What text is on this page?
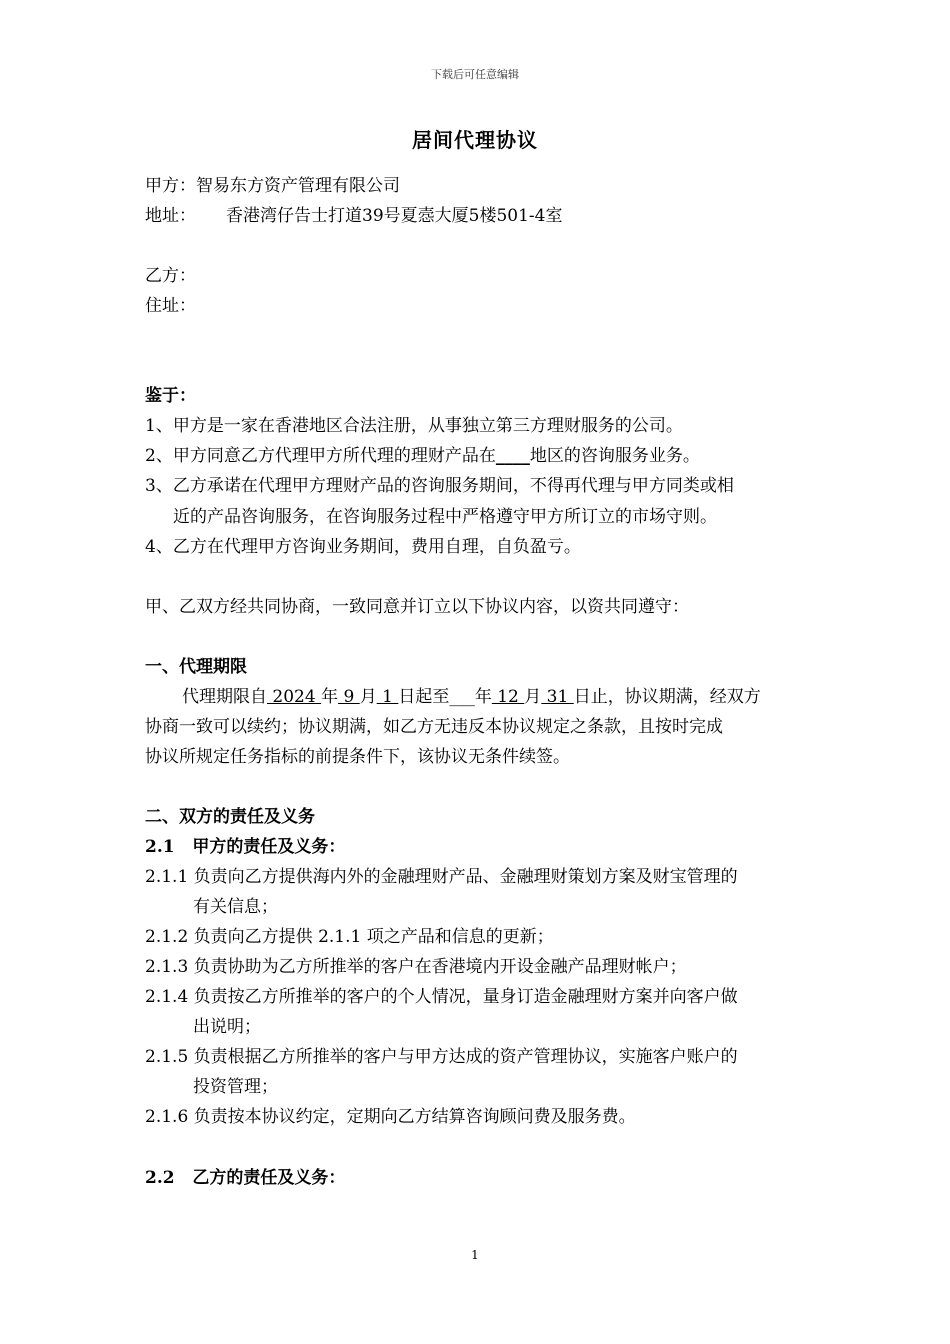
下载后可任意编辑
居间代理协议
甲方：智易东方资产管理有限公司
地址： 香港湾仔告士打道39号夏悫大厦5楼501-4室
乙方：
住址：
鉴于：
1、甲方是一家在香港地区合法注册，从事独立第三方理财服务的公司。
2、甲方同意乙方代理甲方所代理的理财产品在____地区的咨询服务业务。
3、乙方承诺在代理甲方理财产品的咨询服务期间，不得再代理与甲方同类或相
近的产品咨询服务，在咨询服务过程中严格遵守甲方所订立的市场守则。
4、乙方在代理甲方咨询业务期间，费用自理，自负盈亏。
甲、乙双方经共同协商，一致同意并订立以下协议内容，以资共同遵守：
一、代理期限
代理期限自 2024 年 9 月 1 日起至___年 12 月 31 日止，协议期满，经双方
协商一致可以续约；协议期满，如乙方无违反本协议规定之条款，且按时完成
协议所规定任务指标的前提条件下，该协议无条件续签。
二、双方的责任及义务
2.1   甲方的责任及义务：
2.1.1 负责向乙方提供海内外的金融理财产品、金融理财策划方案及财宝管理的
有关信息；
2.1.2 负责向乙方提供 2.1.1 项之产品和信息的更新；
2.1.3 负责协助为乙方所推举的客户在香港境内开设金融产品理财帐户；
2.1.4 负责按乙方所推举的客户的个人情况，量身订造金融理财方案并向客户做
出说明；
2.1.5 负责根据乙方所推举的客户与甲方达成的资产管理协议，实施客户账户的
投资管理；
2.1.6 负责按本协议约定，定期向乙方结算咨询顾问费及服务费。
2.2   乙方的责任及义务：
1
